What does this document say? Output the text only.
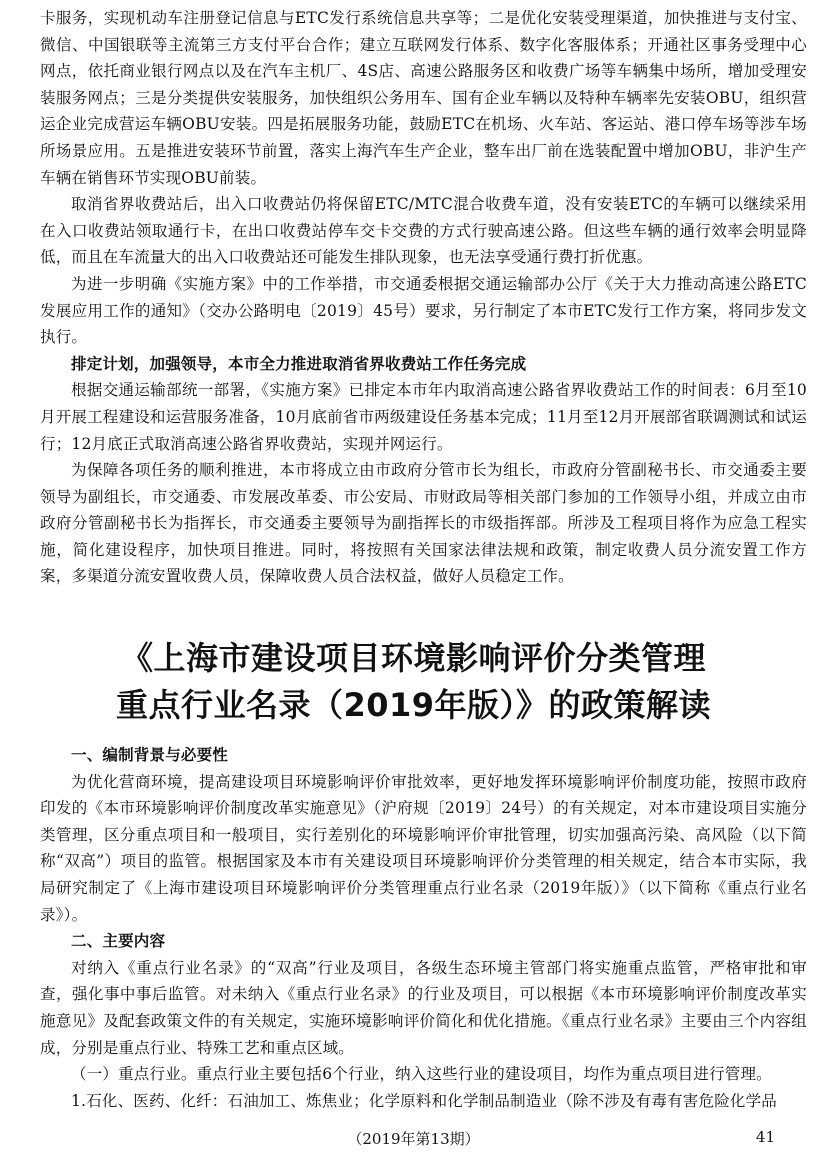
卡服务，实现机动车注册登记信息与ETC发行系统信息共享等；二是优化安装受理渠道，加快推进与支付宝、微信、中国银联等主流第三方支付平台合作；建立互联网发行体系、数字化客服体系；开通社区事务受理中心网点，依托商业银行网点以及在汽车主机厂、4S店、高速公路服务区和收费广场等车辆集中场所，增加受理安装服务网点；三是分类提供安装服务，加快组织公务用车、国有企业车辆以及特种车辆率先安装OBU，组织营运企业完成营运车辆OBU安装。四是拓展服务功能，鼓励ETC在机场、火车站、客运站、港口停车场等涉车场所场景应用。五是推进安装环节前置，落实上海汽车生产企业，整车出厂前在选装配置中增加OBU，非沪生产车辆在销售环节实现OBU前装。

取消省界收费站后，出入口收费站仍将保留ETC/MTC混合收费车道，没有安装ETC的车辆可以继续采用在入口收费站领取通行卡，在出口收费站停车交卡交费的方式行驶高速公路。但这些车辆的通行效率会明显降低，而且在车流量大的出入口收费站还可能发生排队现象，也无法享受通行费打折优惠。

为进一步明确《实施方案》中的工作举措，市交通委根据交通运输部办公厅《关于大力推动高速公路ETC发展应用工作的通知》（交办公路明电〔2019〕45号）要求，另行制定了本市ETC发行工作方案，将同步发文执行。

排定计划，加强领导，本市全力推进取消省界收费站工作任务完成

根据交通运输部统一部署，《实施方案》已排定本市年内取消高速公路省界收费站工作的时间表：6月至10月开展工程建设和运营服务准备，10月底前省市两级建设任务基本完成；11月至12月开展部省联调测试和试运行；12月底正式取消高速公路省界收费站，实现并网运行。

为保障各项任务的顺利推进，本市将成立由市政府分管市长为组长，市政府分管副秘书长、市交通委主要领导为副组长，市交通委、市发展改革委、市公安局、市财政局等相关部门参加的工作领导小组，并成立由市政府分管副秘书长为指挥长，市交通委主要领导为副指挥长的市级指挥部。所涉及工程项目将作为应急工程实施，简化建设程序，加快项目推进。同时，将按照有关国家法律法规和政策，制定收费人员分流安置工作方案，多渠道分流安置收费人员，保障收费人员合法权益，做好人员稳定工作。

《上海市建设项目环境影响评价分类管理
重点行业名录（2019年版）》的政策解读

一、编制背景与必要性

为优化营商环境，提高建设项目环境影响评价审批效率，更好地发挥环境影响评价制度功能，按照市政府印发的《本市环境影响评价制度改革实施意见》（沪府规〔2019〕24号）的有关规定，对本市建设项目实施分类管理，区分重点项目和一般项目，实行差别化的环境影响评价审批管理，切实加强高污染、高风险（以下简称“双高”）项目的监管。根据国家及本市有关建设项目环境影响评价分类管理的相关规定，结合本市实际，我局研究制定了《上海市建设项目环境影响评价分类管理重点行业名录（2019年版）》（以下简称《重点行业名录》）。

二、主要内容

对纳入《重点行业名录》的“双高”行业及项目，各级生态环境主管部门将实施重点监管，严格审批和审查，强化事中事后监管。对未纳入《重点行业名录》的行业及项目，可以根据《本市环境影响评价制度改革实施意见》及配套政策文件的有关规定，实施环境影响评价简化和优化措施。《重点行业名录》主要由三个内容组成，分别是重点行业、特殊工艺和重点区域。

（一）重点行业。重点行业主要包括6个行业，纳入这些行业的建设项目，均作为重点项目进行管理。

1.石化、医药、化纤：石油加工、炼焦业；化学原料和化学制品制造业（除不涉及有毒有害危险化学品

（2019年第13期）	41
